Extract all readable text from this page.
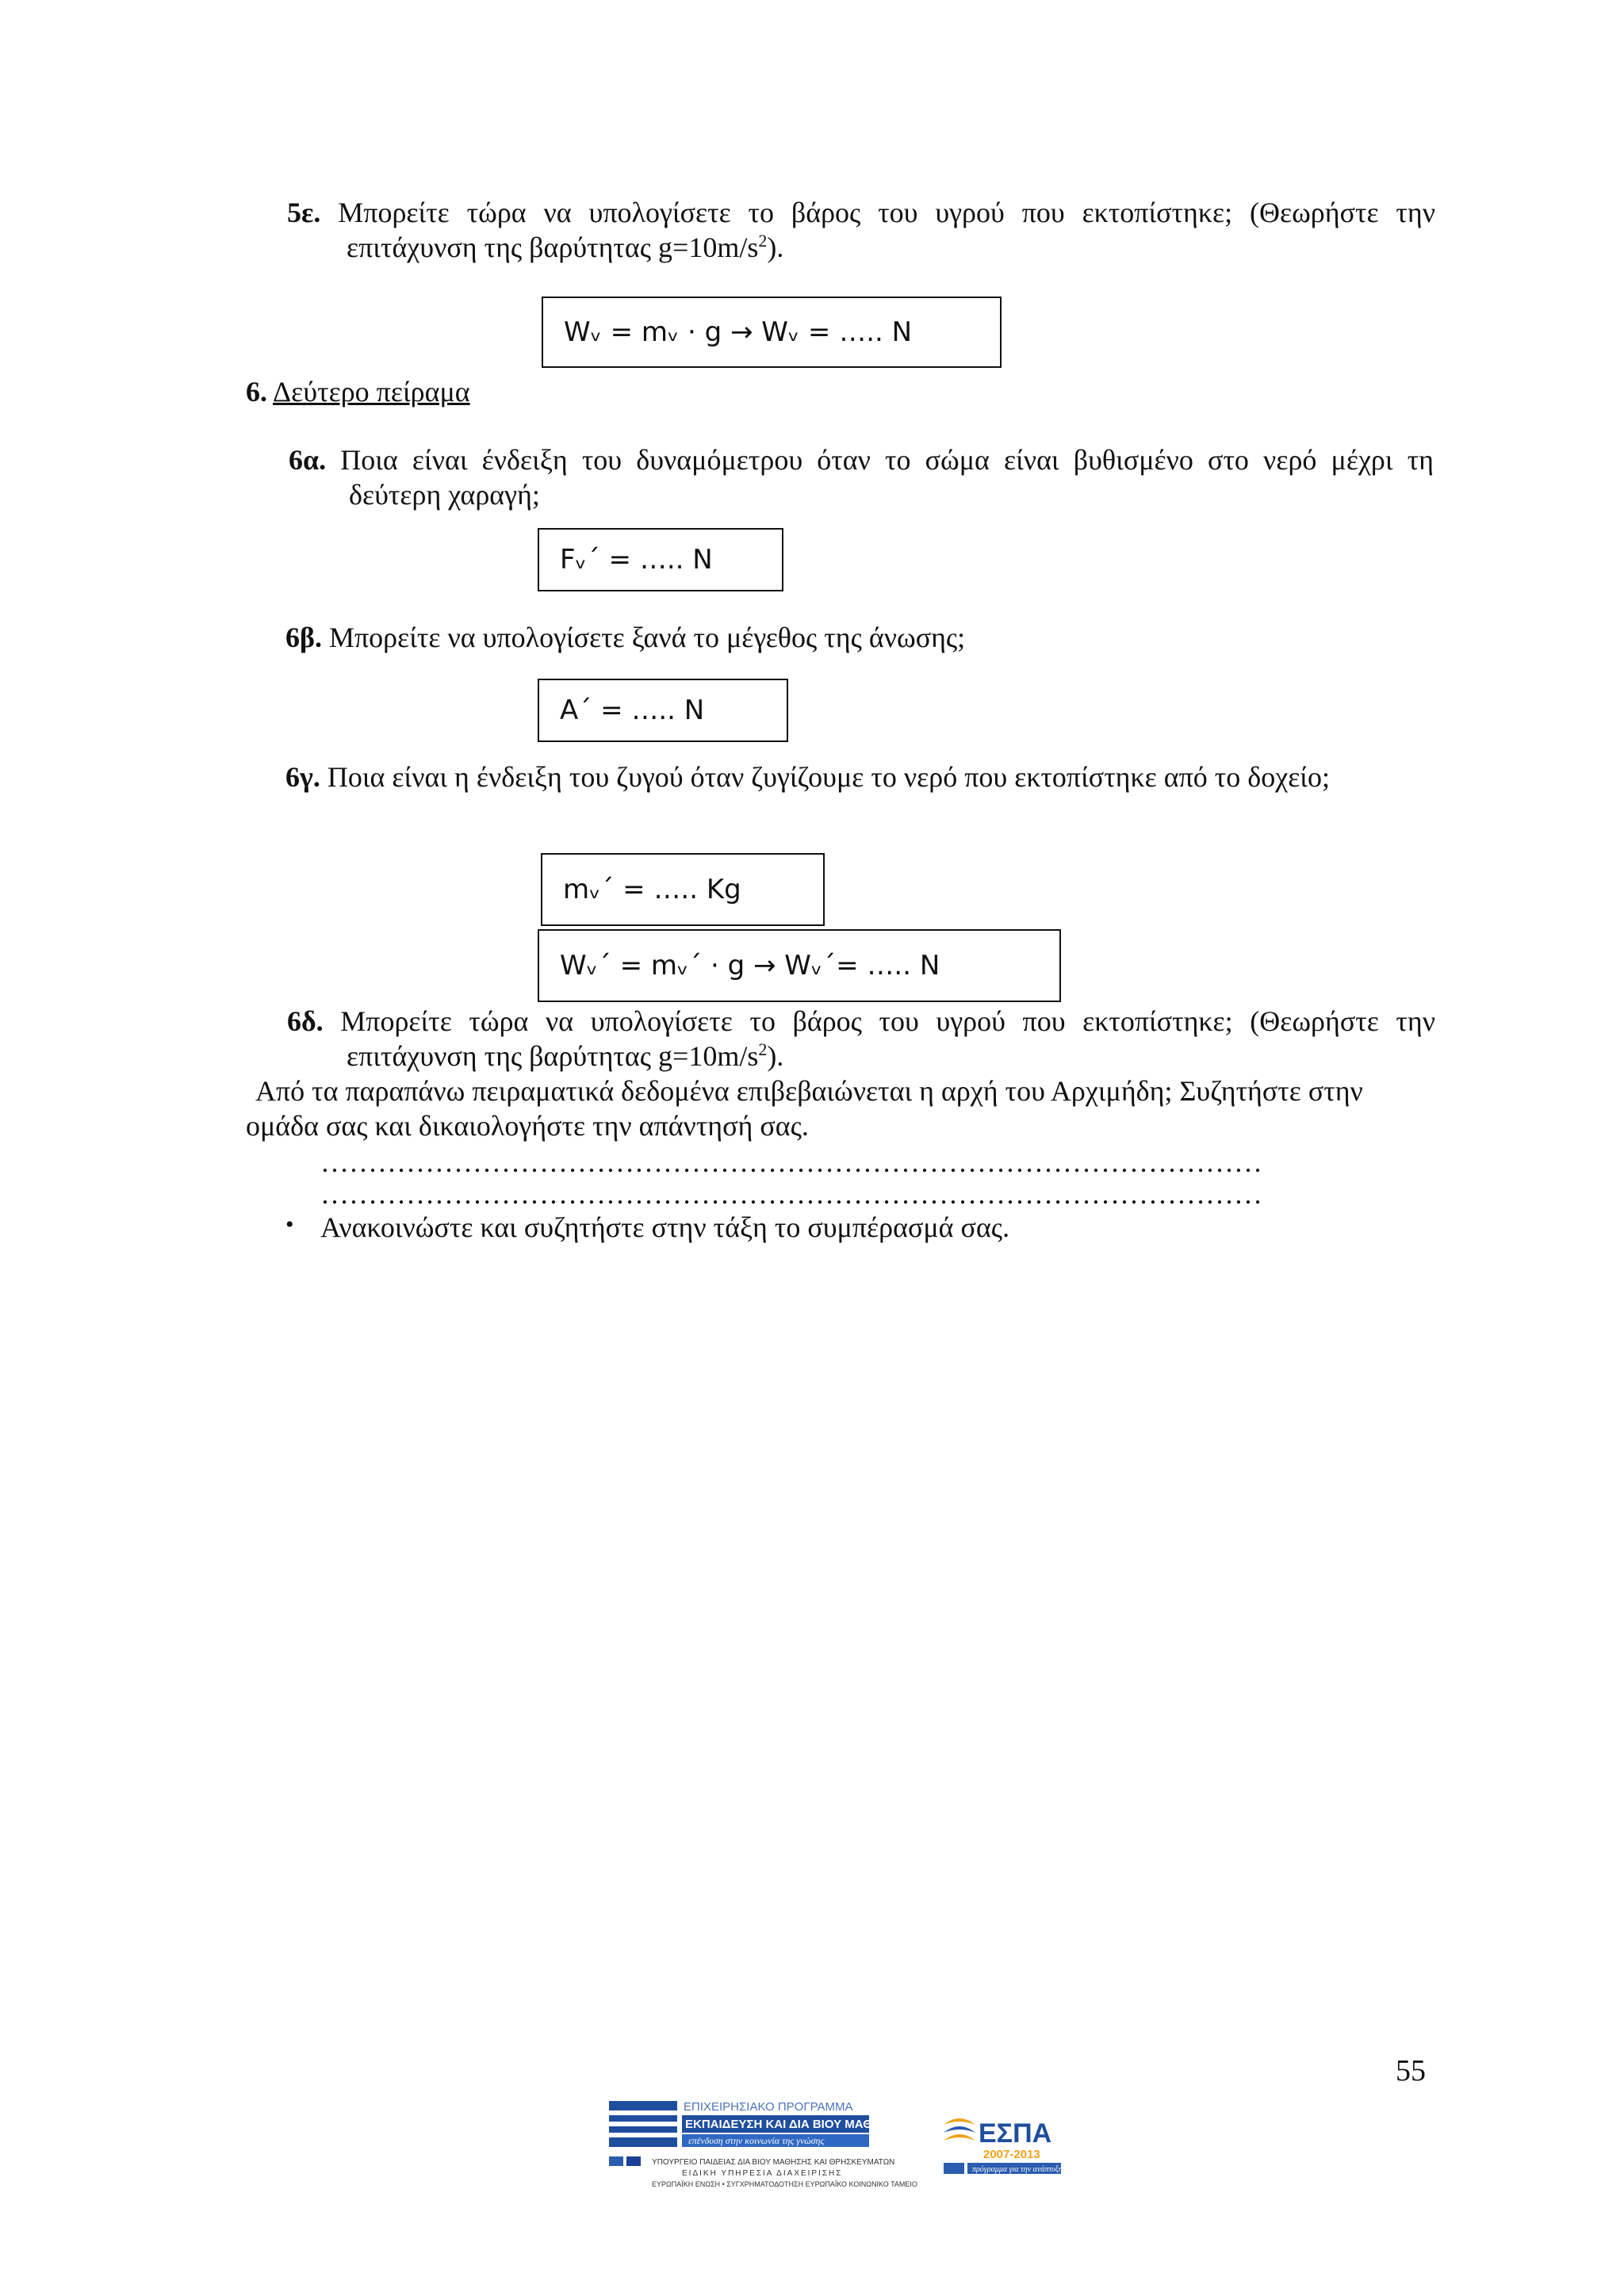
5ε. Μπορείτε τώρα να υπολογίσετε το βάρος του υγρού που εκτοπίστηκε; (Θεωρήστε την
επιτάχυνση της βαρύτητας $g=10m/s^2$).
Wᵥ = mᵥ · g → Wᵥ = ….. N
6. Δεύτερο πείραμα
6α. Ποια είναι ένδειξη του δυναμόμετρου όταν το σώμα είναι βυθισμένο στο νερό μέχρι τη
δεύτερη χαραγή;
Fᵥ΄ = ….. N
6β. Μπορείτε να υπολογίσετε ξανά το μέγεθος της άνωσης;
Α΄ = ….. N
6γ. Ποια είναι η ένδειξη του ζυγού όταν ζυγίζουμε το νερό που εκτοπίστηκε από το δοχείο;
mᵥ΄ = ….. Kg
Wᵥ΄ = mᵥ΄ · g → Wᵥ΄= ….. N
6δ. Μπορείτε τώρα να υπολογίσετε το βάρος του υγρού που εκτοπίστηκε; (Θεωρήστε την
επιτάχυνση της βαρύτητας $g=10m/s^2$).
Από τα παραπάνω πειραματικά δεδομένα επιβεβαιώνεται η αρχή του Αρχιμήδη; Συζητήστε στην
ομάδα σας και δικαιολογήστε την απάντησή σας.
………………………………………………………………………………………
………………………………………………………………………………………
• Ανακοινώστε και συζητήστε στην τάξη το συμπέρασμά σας.
55
ΕΠΙΧΕΙΡΗΣΙΑΚΟ ΠΡΟΓΡΑΜΜΑ
ΕΚΠΑΙΔΕΥΣΗ ΚΑΙ ΔΙΑ ΒΙΟΥ ΜΑΘΗΣΗ
επένδυση στην κοινωνία της γνώσης
ΥΠΟΥΡΓΕΙΟ ΠΑΙΔΕΙΑΣ ΔΙΑ ΒΙΟΥ ΜΑΘΗΣΗΣ ΚΑΙ ΘΡΗΣΚΕΥΜΑΤΩΝ
ΕΙΔΙΚΗ ΥΠΗΡΕΣΙΑ ΔΙΑΧΕΙΡΙΣΗΣ
ΕΥΡΩΠΑΪΚΗ ΕΝΩΣΗ • ΣΥΓΧΡΗΜΑΤΟΔΟΤΗΣΗ ΕΥΡΩΠΑΪΚΟ ΚΟΙΝΩΝΙΚΟ ΤΑΜΕΙΟ
ΕΣΠΑ
2007-2013
πρόγραμμα για την ανάπτυξη
